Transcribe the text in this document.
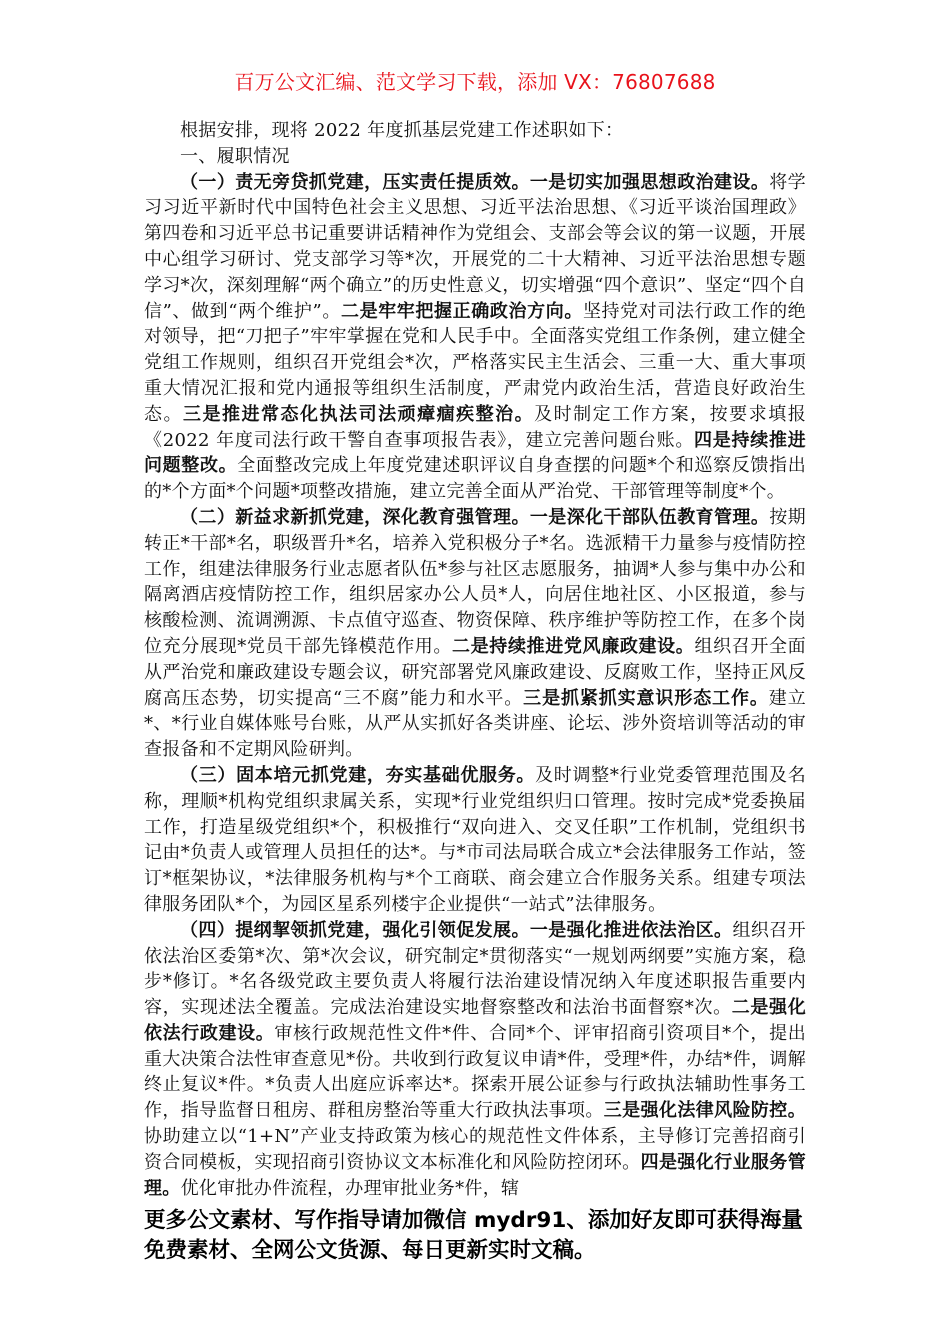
百万公文汇编、范文学习下载，添加 VX：76807688

根据安排，现将 2022 年度抓基层党建工作述职如下：

一、履职情况

（一）责无旁贷抓党建，压实责任提质效。一是切实加强思想政治建设。将学习习近平新时代中国特色社会主义思想、习近平法治思想、《习近平谈治国理政》第四卷和习近平总书记重要讲话精神作为党组会、支部会等会议的第一议题，开展中心组学习研讨、党支部学习等*次，开展党的二十大精神、习近平法治思想专题学习*次，深刻理解“两个确立”的历史性意义，切实增强“四个意识”、坚定“四个自信”、做到“两个维护”。二是牢牢把握正确政治方向。坚持党对司法行政工作的绝对领导，把“刀把子”牢牢掌握在党和人民手中。全面落实党组工作条例，建立健全党组工作规则，组织召开党组会*次，严格落实民主生活会、三重一大、重大事项重大情况汇报和党内通报等组织生活制度，严肃党内政治生活，营造良好政治生态。三是推进常态化执法司法顽瘴痼疾整治。及时制定工作方案，按要求填报《2022 年度司法行政干警自查事项报告表》，建立完善问题台账。四是持续推进问题整改。全面整改完成上年度党建述职评议自身查摆的问题*个和巡察反馈指出的*个方面*个问题*项整改措施，建立完善全面从严治党、干部管理等制度*个。

（二）新益求新抓党建，深化教育强管理。一是深化干部队伍教育管理。按期转正*干部*名，职级晋升*名，培养入党积极分子*名。选派精干力量参与疫情防控工作，组建法律服务行业志愿者队伍*参与社区志愿服务，抽调*人参与集中办公和隔离酒店疫情防控工作，组织居家办公人员*人，向居住地社区、小区报道，参与核酸检测、流调溯源、卡点值守巡查、物资保障、秩序维护等防控工作，在多个岗位充分展现*党员干部先锋模范作用。二是持续推进党风廉政建设。组织召开全面从严治党和廉政建设专题会议，研究部署党风廉政建设、反腐败工作，坚持正风反腐高压态势，切实提高“三不腐”能力和水平。三是抓紧抓实意识形态工作。建立*、*行业自媒体账号台账，从严从实抓好各类讲座、论坛、涉外资培训等活动的审查报备和不定期风险研判。

（三）固本培元抓党建，夯实基础优服务。及时调整*行业党委管理范围及名称，理顺*机构党组织隶属关系，实现*行业党组织归口管理。按时完成*党委换届工作，打造星级党组织*个，积极推行“双向进入、交叉任职”工作机制，党组织书记由*负责人或管理人员担任的达*。与*市司法局联合成立*会法律服务工作站，签订*框架协议，*法律服务机构与*个工商联、商会建立合作服务关系。组建专项法律服务团队*个，为园区星系列楼宇企业提供“一站式”法律服务。

（四）提纲挈领抓党建，强化引领促发展。一是强化推进依法治区。组织召开依法治区委第*次、第*次会议，研究制定*贯彻落实“一规划两纲要”实施方案，稳步*修订。*名各级党政主要负责人将履行法治建设情况纳入年度述职报告重要内容，实现述法全覆盖。完成法治建设实地督察整改和法治书面督察*次。二是强化依法行政建设。审核行政规范性文件*件、合同*个、评审招商引资项目*个，提出重大决策合法性审查意见*份。共收到行政复议申请*件，受理*件，办结*件，调解终止复议*件。*负责人出庭应诉率达*。探索开展公证参与行政执法辅助性事务工作，指导监督日租房、群租房整治等重大行政执法事项。三是强化法律风险防控。协助建立以“1+N”产业支持政策为核心的规范性文件体系，主导修订完善招商引资合同模板，实现招商引资协议文本标准化和风险防控闭环。四是强化行业服务管理。优化审批办件流程，办理审批业务*件，辖

更多公文素材、写作指导请加微信 mydr91、添加好友即可获得海量免费素材、全网公文货源、每日更新实时文稿。
